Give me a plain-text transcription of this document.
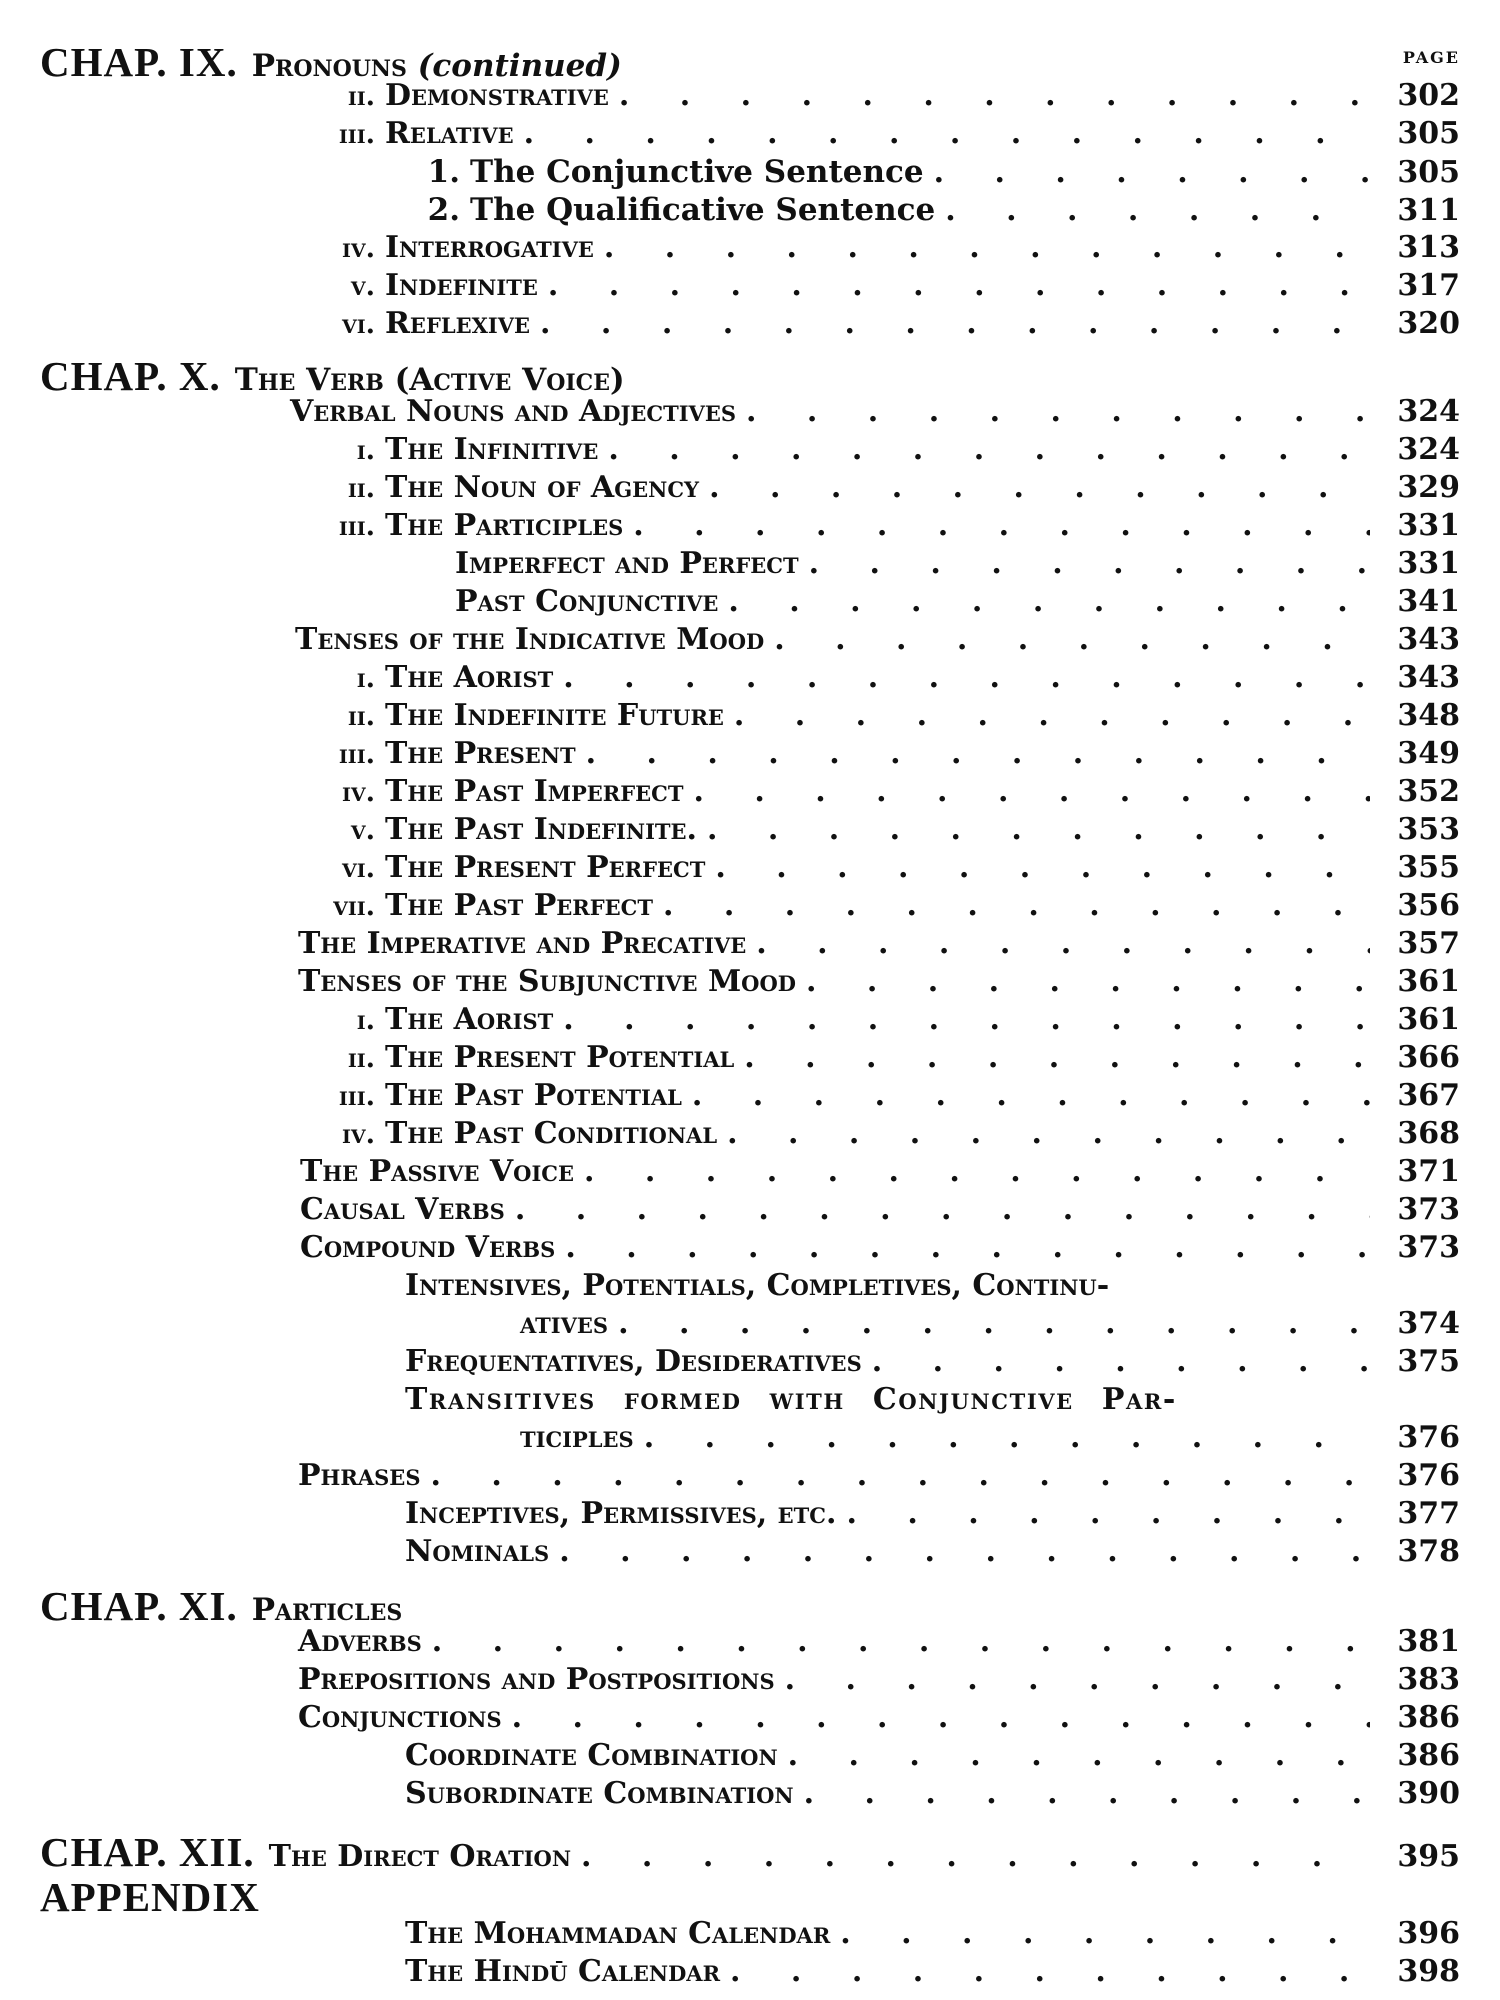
PAGE
CHAP. IX. Pronouns (continued)
ii. Demonstrative . . .	302
iii. Relative . . .	305
1. The Conjunctive Sentence . . .	305
2. The Qualificative Sentence . . .	311
iv. Interrogative . . .	313
v. Indefinite . . .	317
vi. Reflexive . . .	320
CHAP. X. The Verb (Active Voice)
Verbal Nouns and Adjectives . . .	324
i. The Infinitive . . .	324
ii. The Noun of Agency . . .	329
iii. The Participles . . .	331
Imperfect and Perfect . . .	331
Past Conjunctive . . .	341
Tenses of the Indicative Mood . . .	343
i. The Aorist . . .	343
ii. The Indefinite Future . . .	348
iii. The Present . . .	349
iv. The Past Imperfect . . .	352
v. The Past Indefinite. . . .	353
vi. The Present Perfect . . .	355
vii. The Past Perfect . . .	356
The Imperative and Precative . . .	357
Tenses of the Subjunctive Mood . . .	361
i. The Aorist . . .	361
ii. The Present Potential . . .	366
iii. The Past Potential . . .	367
iv. The Past Conditional . . .	368
The Passive Voice . . .	371
Causal Verbs . . .	373
Compound Verbs . . .	373
Intensives, Potentials, Completives, Continu-
atives . . .	374
Frequentatives, Desideratives . . .	375
Transitives formed with Conjunctive Par-
ticiples . . .	376
Phrases . . .	376
Inceptives, Permissives, etc. . . .	377
Nominals . . .	378
CHAP. XI. Particles
Adverbs . . .	381
Prepositions and Postpositions . . .	383
Conjunctions . . .	386
Coordinate Combination . . .	386
Subordinate Combination . . .	390
CHAP. XII. The Direct Oration . . .	395
APPENDIX
The Mohammadan Calendar . . .	396
The Hindū Calendar . . .	398
